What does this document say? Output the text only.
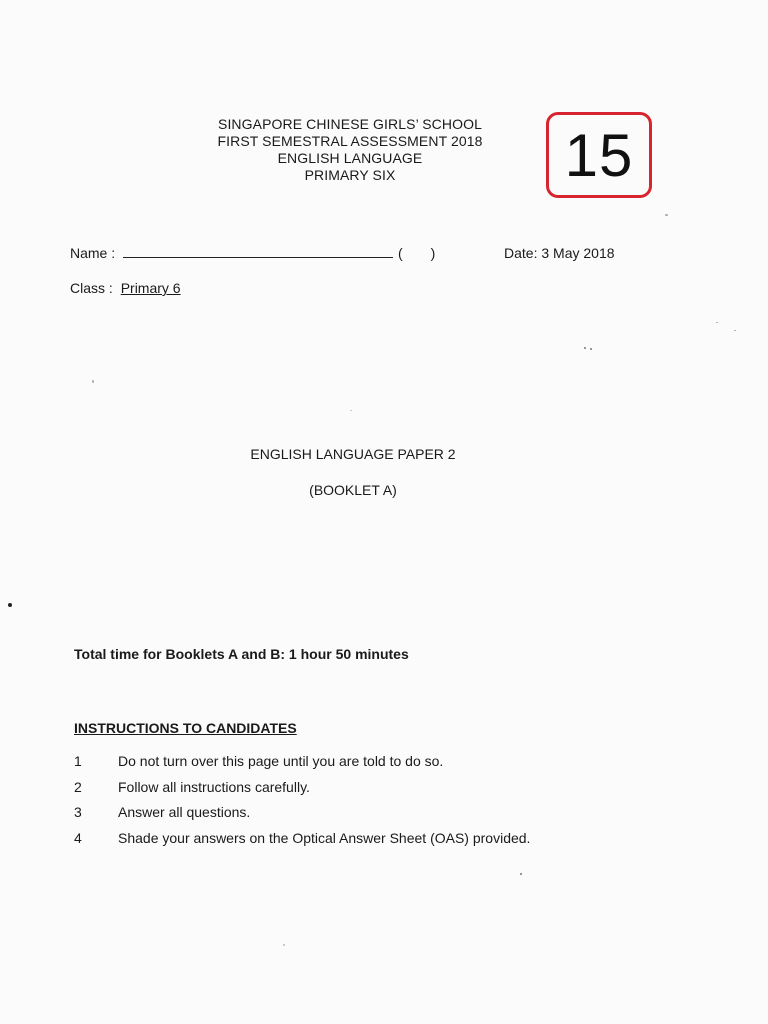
SINGAPORE CHINESE GIRLS’ SCHOOL
FIRST SEMESTRAL ASSESSMENT 2018
ENGLISH LANGUAGE
PRIMARY SIX	15
Name :	( )	Date: 3 May 2018
Class : Primary 6
ENGLISH LANGUAGE PAPER 2
(BOOKLET A)
Total time for Booklets A and B: 1 hour 50 minutes
INSTRUCTIONS TO CANDIDATES
1	Do not turn over this page until you are told to do so.
2	Follow all instructions carefully.
3	Answer all questions.
4	Shade your answers on the Optical Answer Sheet (OAS) provided.
